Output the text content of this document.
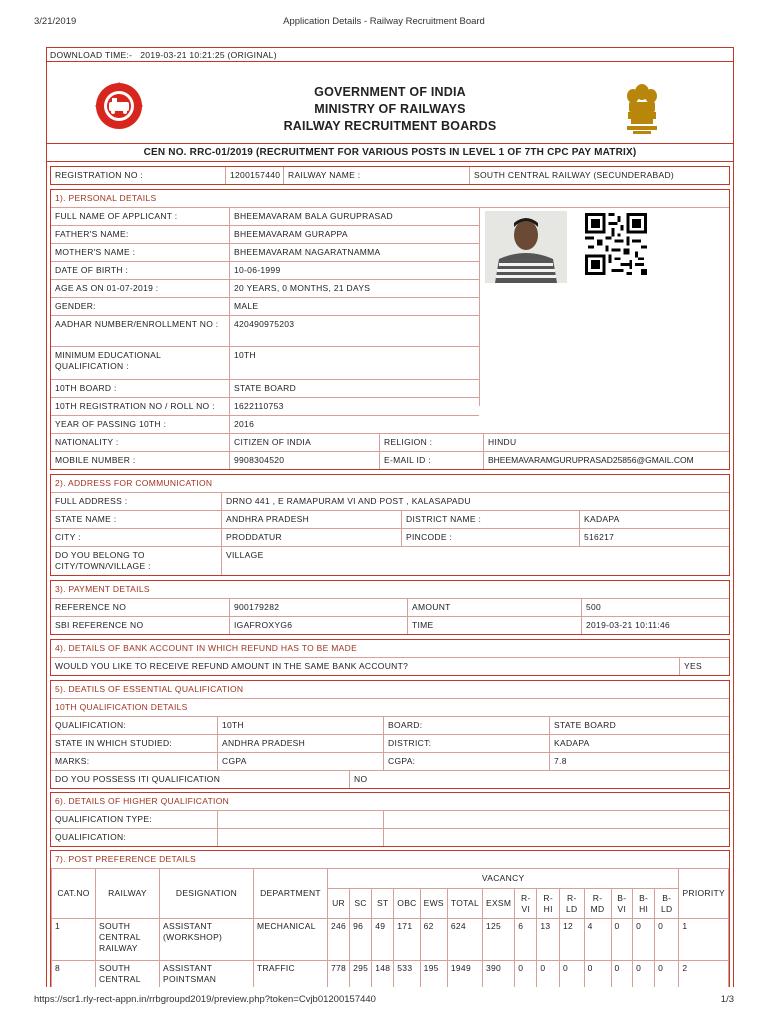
3/21/2019	Application Details - Railway Recruitment Board
DOWNLOAD TIME:- 2019-03-21 10:21:25 (ORIGINAL)
GOVERNMENT OF INDIA
MINISTRY OF RAILWAYS
RAILWAY RECRUITMENT BOARDS
CEN NO. RRC-01/2019 (RECRUITMENT FOR VARIOUS POSTS IN LEVEL 1 OF 7TH CPC PAY MATRIX)
REGISTRATION NO :	1200157440 RAILWAY NAME :	SOUTH CENTRAL RAILWAY (SECUNDERABAD)
1). PERSONAL DETAILS
FULL NAME OF APPLICANT :	BHEEMAVARAM BALA GURUPRASAD
FATHER'S NAME:	BHEEMAVARAM GURAPPA
MOTHER'S NAME :	BHEEMAVARAM NAGARATNAMMA
DATE OF BIRTH :	10-06-1999
AGE AS ON 01-07-2019 :	20 YEARS, 0 MONTHS, 21 DAYS
GENDER:	MALE
AADHAR NUMBER/ENROLLMENT NO :	420490975203
MINIMUM EDUCATIONAL QUALIFICATION :
10TH
10TH BOARD :	STATE BOARD
10TH REGISTRATION NO / ROLL NO :	1622110753
YEAR OF PASSING 10TH :	2016
NATIONALITY :	CITIZEN OF INDIA	RELIGION :	HINDU
MOBILE NUMBER :	9908304520	E-MAIL ID :	BHEEMAVARAMGURUPRASAD25856@GMAIL.COM
2). ADDRESS FOR COMMUNICATION
FULL ADDRESS :	DRNO 441 , E RAMAPURAM VI AND POST , KALASAPADU
STATE NAME :	ANDHRA PRADESH	DISTRICT NAME :	KADAPA
CITY :	PRODDATUR	PINCODE :	516217
DO YOU BELONG TO CITY/TOWN/VILLAGE :
VILLAGE
3). PAYMENT DETAILS
REFERENCE NO	900179282	AMOUNT	500
SBI REFERENCE NO	IGAFROXYG6	TIME	2019-03-21 10:11:46
4). DETAILS OF BANK ACCOUNT IN WHICH REFUND HAS TO BE MADE
WOULD YOU LIKE TO RECEIVE REFUND AMOUNT IN THE SAME BANK ACCOUNT?	YES
5). DEATILS OF ESSENTIAL QUALIFICATION
10TH QUALIFICATION DETAILS
QUALIFICATION:	10TH	BOARD:	STATE BOARD
STATE IN WHICH STUDIED:	ANDHRA PRADESH	DISTRICT:	KADAPA
MARKS:	CGPA	CGPA:	7.8
DO YOU POSSESS ITI QUALIFICATION	NO
6). DETAILS OF HIGHER QUALIFICATION
QUALIFICATION TYPE:
QUALIFICATION:
7). POST PREFERENCE DETAILS
CAT.NO	RAILWAY	DESIGNATION	DEPARTMENT	VACANCY														PRIORITY
				UR	SC	ST	OBC	EWS	TOTAL	EXSM	R-VI	R-HI	R-LD	R-MD	B-VI	B-HI	B-LD	
1	SOUTH CENTRAL RAILWAY	ASSISTANT (WORKSHOP)	MECHANICAL	246	96	49	171	62	624	125	6	13	12	4	0	0	0	1
8	SOUTH CENTRAL	ASSISTANT POINTSMAN	TRAFFIC	778	295	148	533	195	1949	390	0	0	0	0	0	0	0	2
https://scr1.rly-rect-appn.in/rrbgroupd2019/preview.php?token=Cvjb01200157440	1/3
